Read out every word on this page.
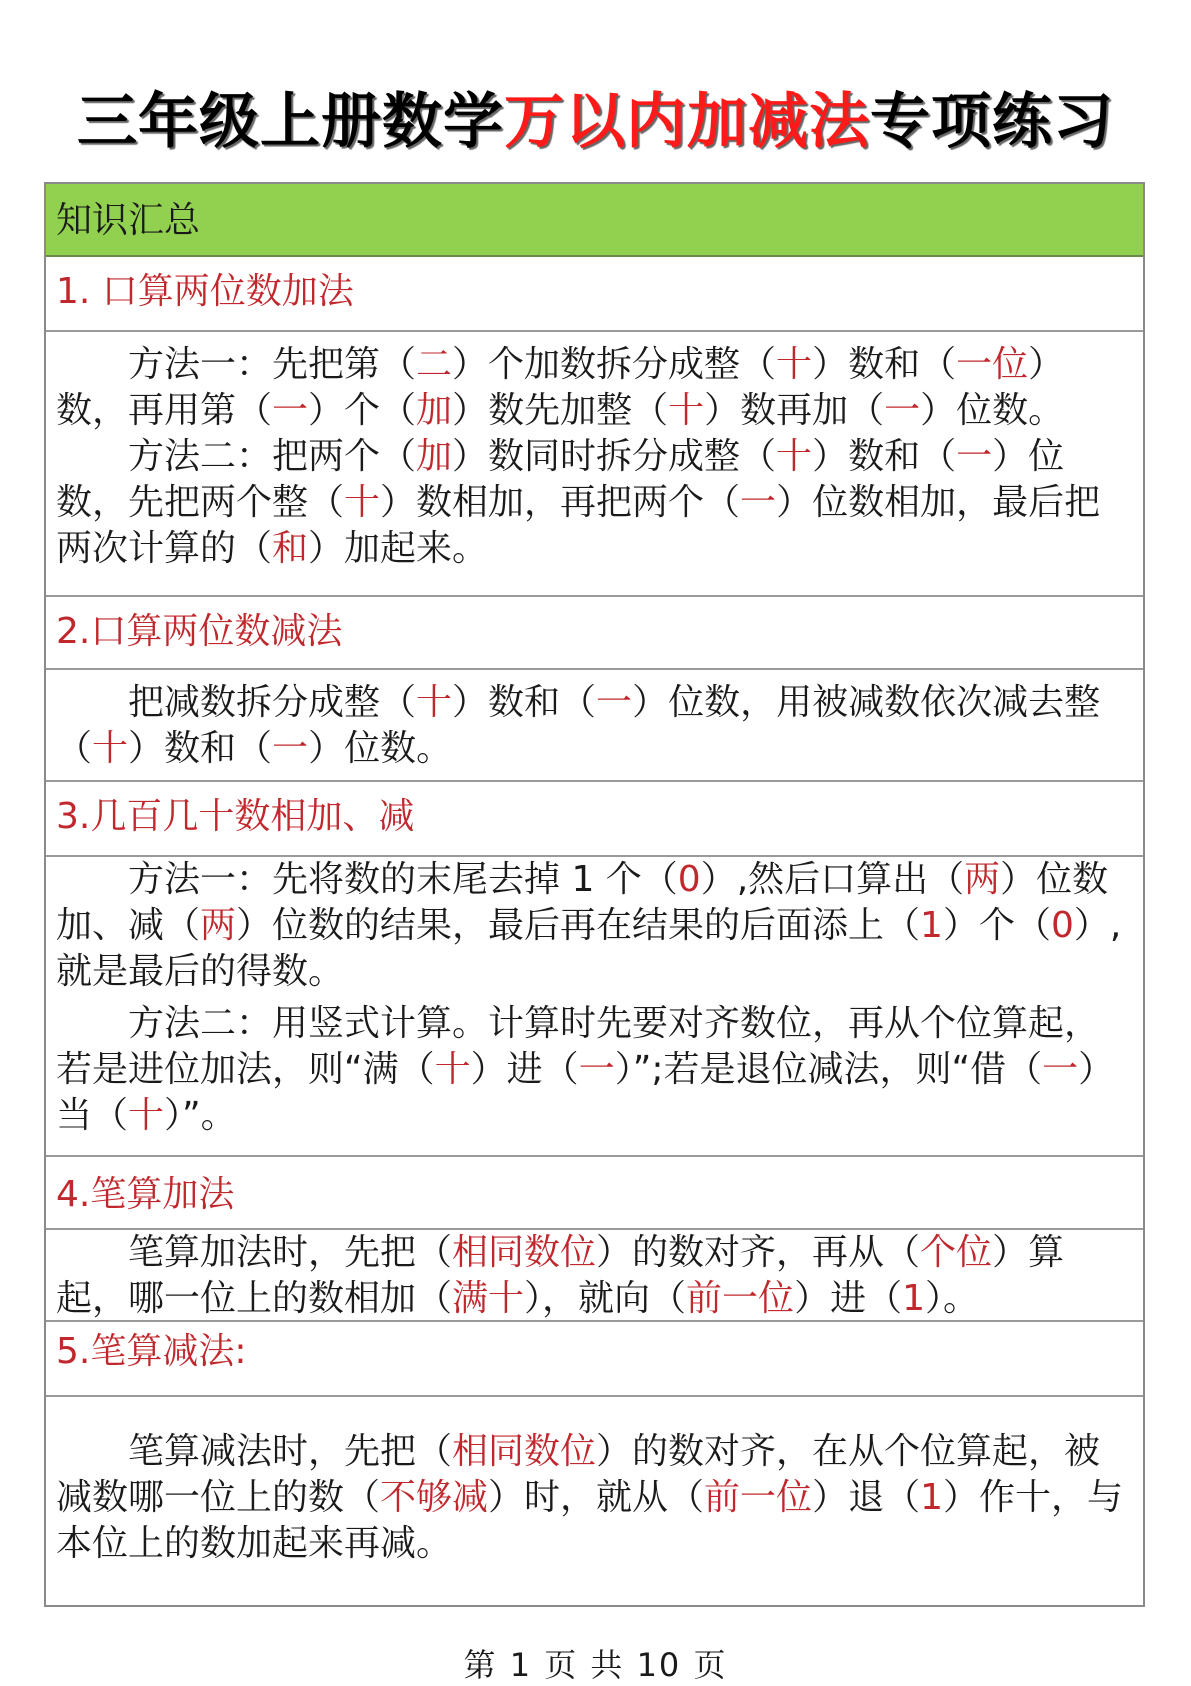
三年级上册数学万以内加减法专项练习
知识汇总
1. 口算两位数加法

方法一：先把第（二）个加数拆分成整（十）数和（一位）数，再用第（一）个（加）数先加整（十）数再加（一）位数。

方法二：把两个（加）数同时拆分成整（十）数和（一）位数，先把两个整（十）数相加，再把两个（一）位数相加，最后把两次计算的（和）加起来。

2.口算两位数减法

把减数拆分成整（十）数和（一）位数，用被减数依次减去整（十）数和（一）位数。

3.几百几十数相加、减

方法一：先将数的末尾去掉 1 个（0）,然后口算出（两）位数加、减（两）位数的结果，最后再在结果的后面添上（1）个（0）,就是最后的得数。

方法二：用竖式计算。计算时先要对齐数位，再从个位算起，若是进位加法，则“满（十）进（一）”;若是退位减法，则“借（一）当（十）”。

4.笔算加法

笔算加法时，先把（相同数位）的数对齐，再从（个位）算起，哪一位上的数相加（满十），就向（前一位）进（1）。

5.笔算减法:

笔算减法时，先把（相同数位）的数对齐，在从个位算起，被减数哪一位上的数（不够减）时，就从（前一位）退（1）作十，与本位上的数加起来再减。

第 1 页 共 10 页
